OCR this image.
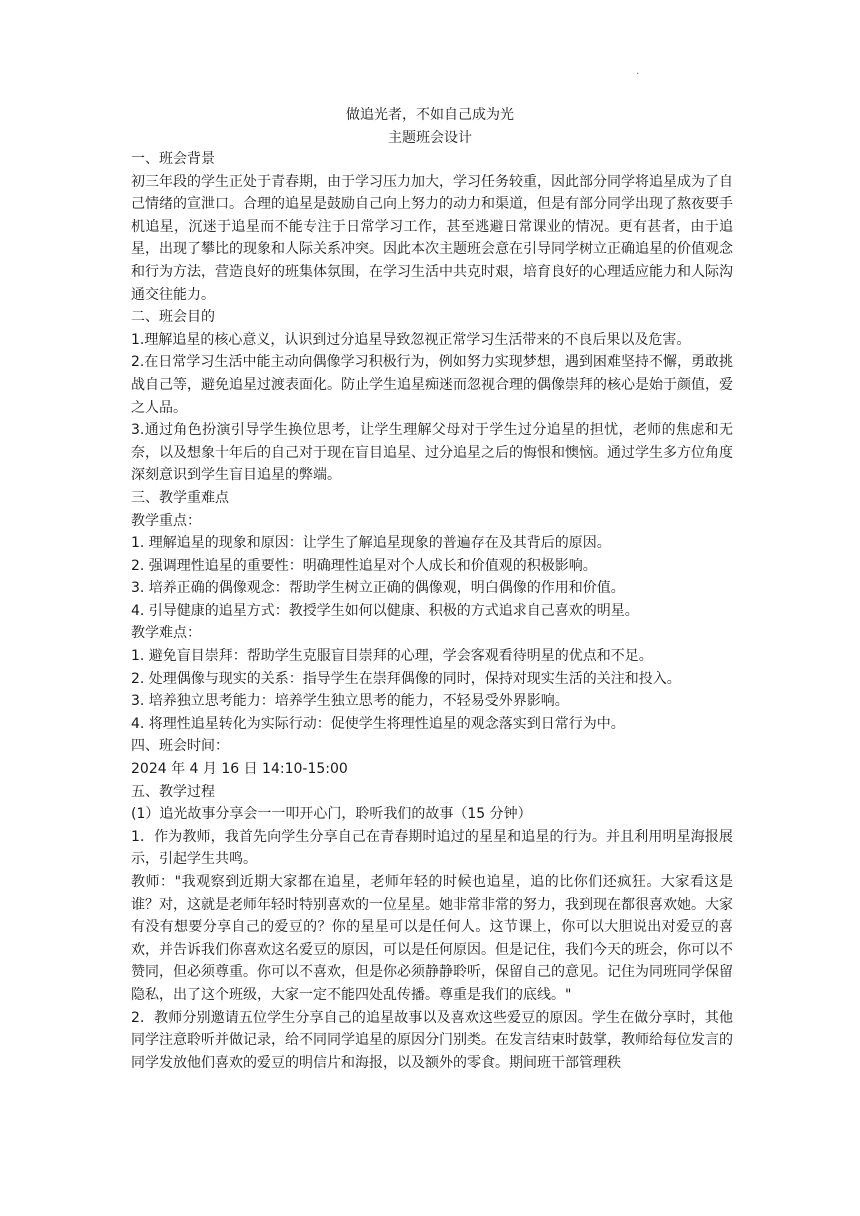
.
做追光者，不如自己成为光
主题班会设计

一、班会背景

初三年段的学生正处于青春期，由于学习压力加大，学习任务较重，因此部分同学将追星成为了自己情绪的宣泄口。合理的追星是鼓励自己向上努力的动力和渠道，但是有部分同学出现了熬夜要手机追星，沉迷于追星而不能专注于日常学习工作，甚至逃避日常课业的情况。更有甚者，由于追星，出现了攀比的现象和人际关系冲突。因此本次主题班会意在引导同学树立正确追星的价值观念和行为方法，营造良好的班集体氛围，在学习生活中共克时艰，培育良好的心理适应能力和人际沟通交往能力。

二、班会目的

1.理解追星的核心意义，认识到过分追星导致忽视正常学习生活带来的不良后果以及危害。

2.在日常学习生活中能主动向偶像学习积极行为，例如努力实现梦想，遇到困难坚持不懈，勇敢挑战自己等，避免追星过渡表面化。防止学生追星痴迷而忽视合理的偶像崇拜的核心是始于颜值，爱之人品。

3.通过角色扮演引导学生换位思考，让学生理解父母对于学生过分追星的担忧，老师的焦虑和无奈，以及想象十年后的自己对于现在盲目追星、过分追星之后的悔恨和懊恼。通过学生多方位角度深刻意识到学生盲目追星的弊端。

三、教学重难点

教学重点：

1. 理解追星的现象和原因：让学生了解追星现象的普遍存在及其背后的原因。

2. 强调理性追星的重要性：明确理性追星对个人成长和价值观的积极影响。

3. 培养正确的偶像观念：帮助学生树立正确的偶像观，明白偶像的作用和价值。

4. 引导健康的追星方式：教授学生如何以健康、积极的方式追求自己喜欢的明星。

教学难点：

1. 避免盲目崇拜：帮助学生克服盲目崇拜的心理，学会客观看待明星的优点和不足。

2. 处理偶像与现实的关系：指导学生在崇拜偶像的同时，保持对现实生活的关注和投入。

3. 培养独立思考能力：培养学生独立思考的能力，不轻易受外界影响。

4. 将理性追星转化为实际行动：促使学生将理性追星的观念落实到日常行为中。

四、班会时间：

2024 年 4 月 16 日 14:10-15:00

五、教学过程

(1）追光故事分享会一一叩开心门，聆听我们的故事（15 分钟）

1．作为教师，我首先向学生分享自己在青春期时追过的星星和追星的行为。并且利用明星海报展示，引起学生共鸣。

教师："我观察到近期大家都在追星，老师年轻的时候也追星，追的比你们还疯狂。大家看这是谁？对，这就是老师年轻时特别喜欢的一位星星。她非常非常的努力，我到现在都很喜欢她。大家有没有想要分享自己的爱豆的？你的星星可以是任何人。这节课上，你可以大胆说出对爱豆的喜欢，并告诉我们你喜欢这名爱豆的原因，可以是任何原因。但是记住，我们今天的班会，你可以不赞同，但必须尊重。你可以不喜欢，但是你必须静静聆听，保留自己的意见。记住为同班同学保留隐私，出了这个班级，大家一定不能四处乱传播。尊重是我们的底线。"

2．教师分别邀请五位学生分享自己的追星故事以及喜欢这些爱豆的原因。学生在做分享时，其他同学注意聆听并做记录，给不同同学追星的原因分门别类。在发言结束时鼓掌，教师给每位发言的同学发放他们喜欢的爱豆的明信片和海报，以及额外的零食。期间班干部管理秩
